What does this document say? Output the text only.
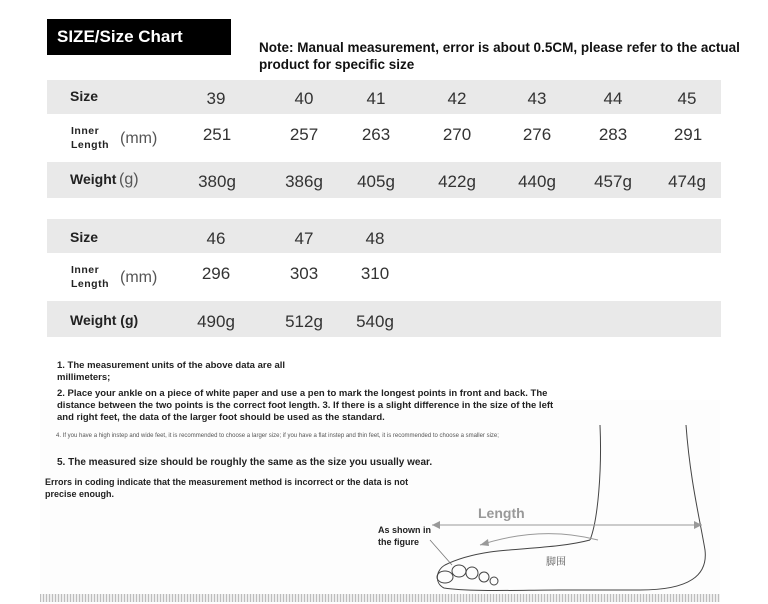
SIZE/Size Chart
Note: Manual measurement, error is about 0.5CM, please refer to the actual product for specific size
Size	39	40	41	42	43	44	45
Inner
Length (mm)	251	257	263	270	276	283	291
Weight (g)	380g	386g	405g	422g	440g	457g	474g
Size	46	47	48
Inner
Length (mm)	296	303	310
Weight (g)	490g	512g	540g
1. The measurement units of the above data are all millimeters;
2. Place your ankle on a piece of white paper and use a pen to mark the longest points in front and back. The distance between the two points is the correct foot length. 3. If there is a slight difference in the size of the left and right feet, the data of the larger foot should be used as the standard.
4. If you have a high instep and wide feet, it is recommended to choose a larger size; if you have a flat instep and thin feet, it is recommended to choose a smaller size;
5. The measured size should be roughly the same as the size you usually wear.
Errors in coding indicate that the measurement method is incorrect or the data is not precise enough.
Length
As shown in the figure
脚围
